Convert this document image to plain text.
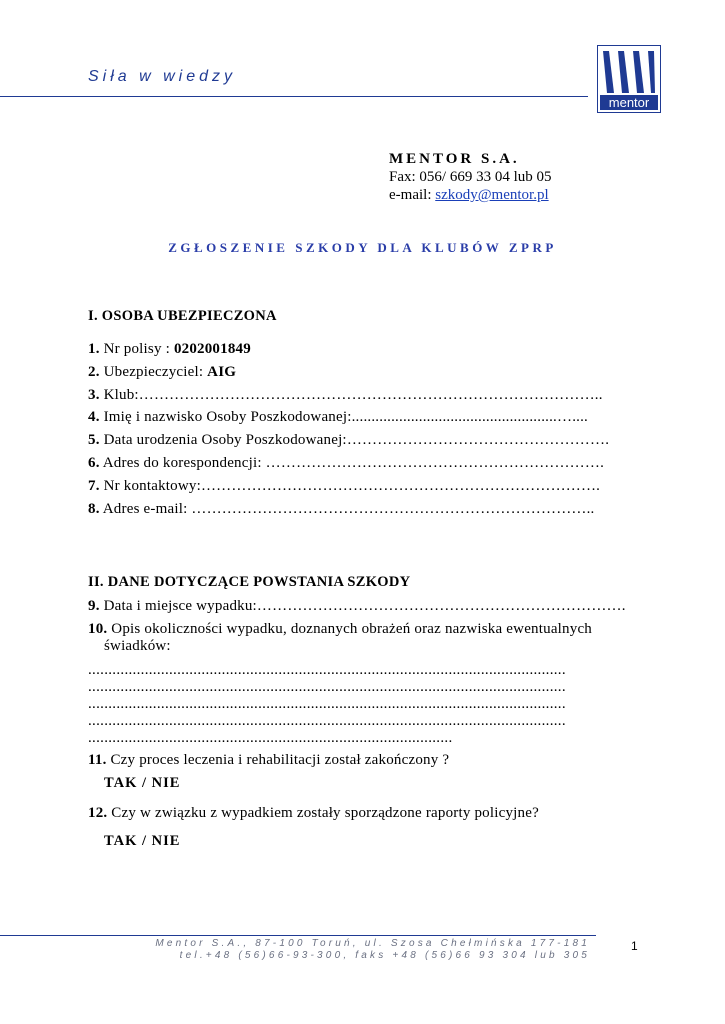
Siła w wiedzy
mentor
MENTOR S.A.
Fax: 056/ 669 33 04 lub 05
e-mail: szkody@mentor.pl
ZGŁOSZENIE SZKODY DLA KLUBÓW ZPRP
I. OSOBA UBEZPIECZONA
1. Nr polisy : 0202001849
2. Ubezpieczyciel: AIG
3. Klub:………………………………………………………………………………..
4. Imię i nazwisko Osoby Poszkodowanej:....................................................…....
5. Data urodzenia Osoby Poszkodowanej:…………………………………………….
6. Adres do korespondencji: ………………………………………………………….
7. Nr kontaktowy:…………………………………………………………………….
8. Adres e-mail: ……………………………………………………………………..
II. DANE DOTYCZĄCE POWSTANIA SZKODY
9. Data i miejsce wypadku:……………………………………………………………….
10. Opis okoliczności wypadku, doznanych obrażeń oraz nazwiska ewentualnych
świadków:
......................................................................................................................
......................................................................................................................
......................................................................................................................
......................................................................................................................
..........................................................................................
11. Czy proces leczenia i rehabilitacji został zakończony ?
TAK / NIE
12. Czy w związku z wypadkiem zostały sporządzone raporty policyjne?
TAK / NIE
Mentor S.A., 87-100 Toruń, ul. Szosa Chełmińska 177-181
tel.+48 (56)66-93-300, faks +48 (56)66 93 304 lub 305
1
